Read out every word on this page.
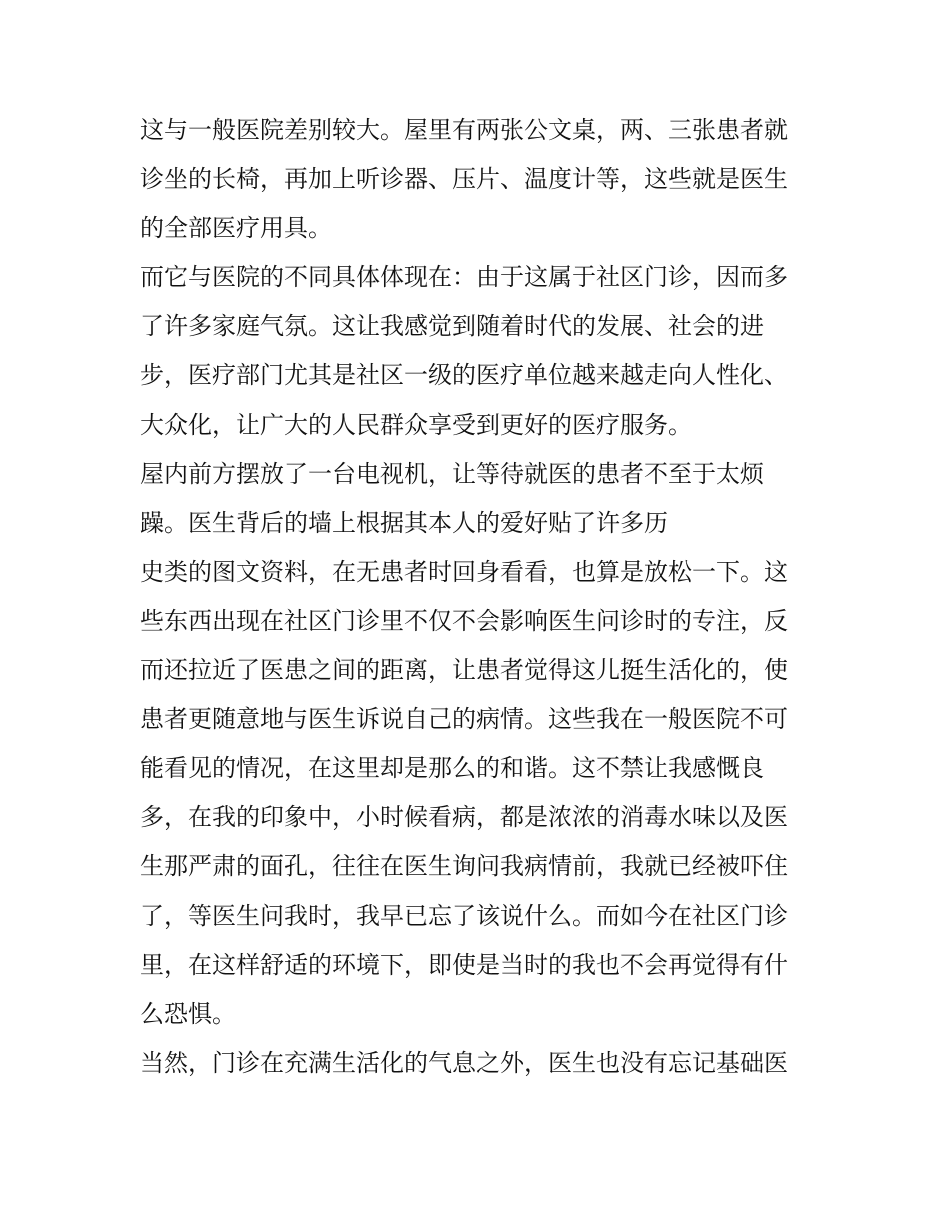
这与一般医院差别较大。屋里有两张公文桌，两、三张患者就
诊坐的长椅，再加上听诊器、压片、温度计等，这些就是医生
的全部医疗用具。
而它与医院的不同具体体现在：由于这属于社区门诊，因而多
了许多家庭气氛。这让我感觉到随着时代的发展、社会的进
步，医疗部门尤其是社区一级的医疗单位越来越走向人性化、
大众化，让广大的人民群众享受到更好的医疗服务。
屋内前方摆放了一台电视机，让等待就医的患者不至于太烦
躁。医生背后的墙上根据其本人的爱好贴了许多历
史类的图文资料，在无患者时回身看看，也算是放松一下。这
些东西出现在社区门诊里不仅不会影响医生问诊时的专注，反
而还拉近了医患之间的距离，让患者觉得这儿挺生活化的，使
患者更随意地与医生诉说自己的病情。这些我在一般医院不可
能看见的情况，在这里却是那么的和谐。这不禁让我感慨良
多，在我的印象中，小时候看病，都是浓浓的消毒水味以及医
生那严肃的面孔，往往在医生询问我病情前，我就已经被吓住
了，等医生问我时，我早已忘了该说什么。而如今在社区门诊
里，在这样舒适的环境下，即使是当时的我也不会再觉得有什
么恐惧。
当然，门诊在充满生活化的气息之外，医生也没有忘记基础医
